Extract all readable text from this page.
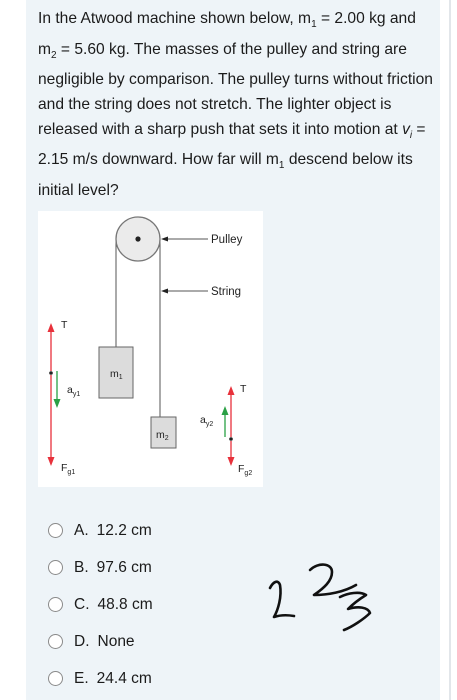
In the Atwood machine shown below, $m_1 = 2.00$ kg and $m_2 = 5.60$ kg. The masses of the pulley and string are negligible by comparison. The pulley turns without friction and the string does not stretch. The lighter object is released with a sharp push that sets it into motion at $v_i = 2.15$ m/s downward. How far will $m_1$ descend below its initial level?
Pulley
String
m1
m2
T
$a_{y1}$
$F_{g1}$
T
$a_{y2}$
$F_{g2}$
A. 12.2 cm
B. 97.6 cm
C. 48.8 cm
D. None
E. 24.4 cm
